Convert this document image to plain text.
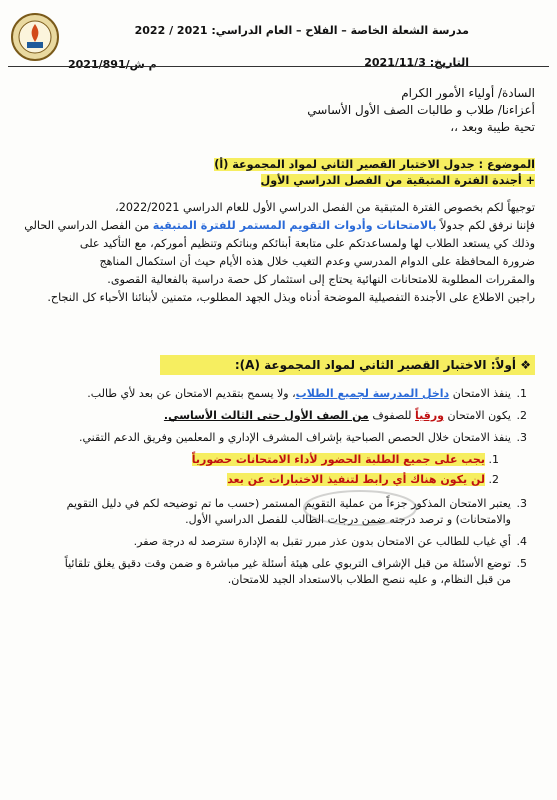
مدرسة الشعلة الخاصة – الفلاح – العام الدراسي: 2021 / 2022
التاريخ: 2021/11/3
م ش/2021/891
السادة/ أولياء الأمور الكرام
أعزاءنا/ طلاب و طالبات الصف الأول الأساسي
تحية طيبة وبعد ،،
الموضوع : جدول الاختبار القصير الثاني لمواد المجموعة (أ)
+ أجندة الفترة المتبقية من الفصل الدراسي الأول
توجيهاً لكم بخصوص الفترة المتبقية من الفصل الدراسي الأول للعام الدراسي 2022/2021،
فإننا نرفق لكم جدولاً بالامتحانات وأدوات التقويم المستمر للفترة المتبقية من الفصل الدراسي الحالي
وذلك كي يستعد الطلاب لها ولمساعدتكم على متابعة أبنائكم وبناتكم وتنظيم أموركم، مع التأكيد على
ضرورة المحافظة على الدوام المدرسي وعدم التغيب خلال هذه الأيام حيث أن استكمال المناهج
والمقررات المطلوبة للامتحانات النهائية يحتاج إلى استثمار كل حصة دراسية بالفعالية القصوى.
راجين الاطلاع على الأجندة التفصيلية الموضحة أدناه وبذل الجهد المطلوب، متمنين لأبنائنا الأحباء كل النجاح.
❖ أولاً: الاختبار القصير الثاني لمواد المجموعة (A):
1.
ينفذ الامتحان داخل المدرسة لجميع الطلاب، ولا يسمح بتقديم الامتحان عن بعد لأي طالب.
2.
يكون الامتحان ورقياً للصفوف من الصف الأول حتى الثالث الأساسي.
3.
ينفذ الامتحان خلال الحصص الصباحية بإشراف المشرف الإداري و المعلمين وفريق الدعم التقني.
1. يجب على جميع الطلبة الحضور لأداء الامتحانات حضورياً
2. لن يكون هناك أي رابط لتنفيذ الاختبارات عن بعد
3.
يعتبر الامتحان المذكور جزءاً من عملية التقويم المستمر (حسب ما تم توضيحه لكم في دليل التقويم
والامتحانات) و ترصد درجته ضمن درجات الطالب للفصل الدراسي الأول.
4.
أي غياب للطالب عن الامتحان بدون عذر مبرر تقبل به الإدارة سترصد له درجة صفر.
5.
توضع الأسئلة من قبل الإشراف التربوي على هيئة أسئلة غير مباشرة و ضمن وقت دقيق يغلق تلقائياً
من قبل النظام، و عليه ننصح الطلاب بالاستعداد الجيد للامتحان.
